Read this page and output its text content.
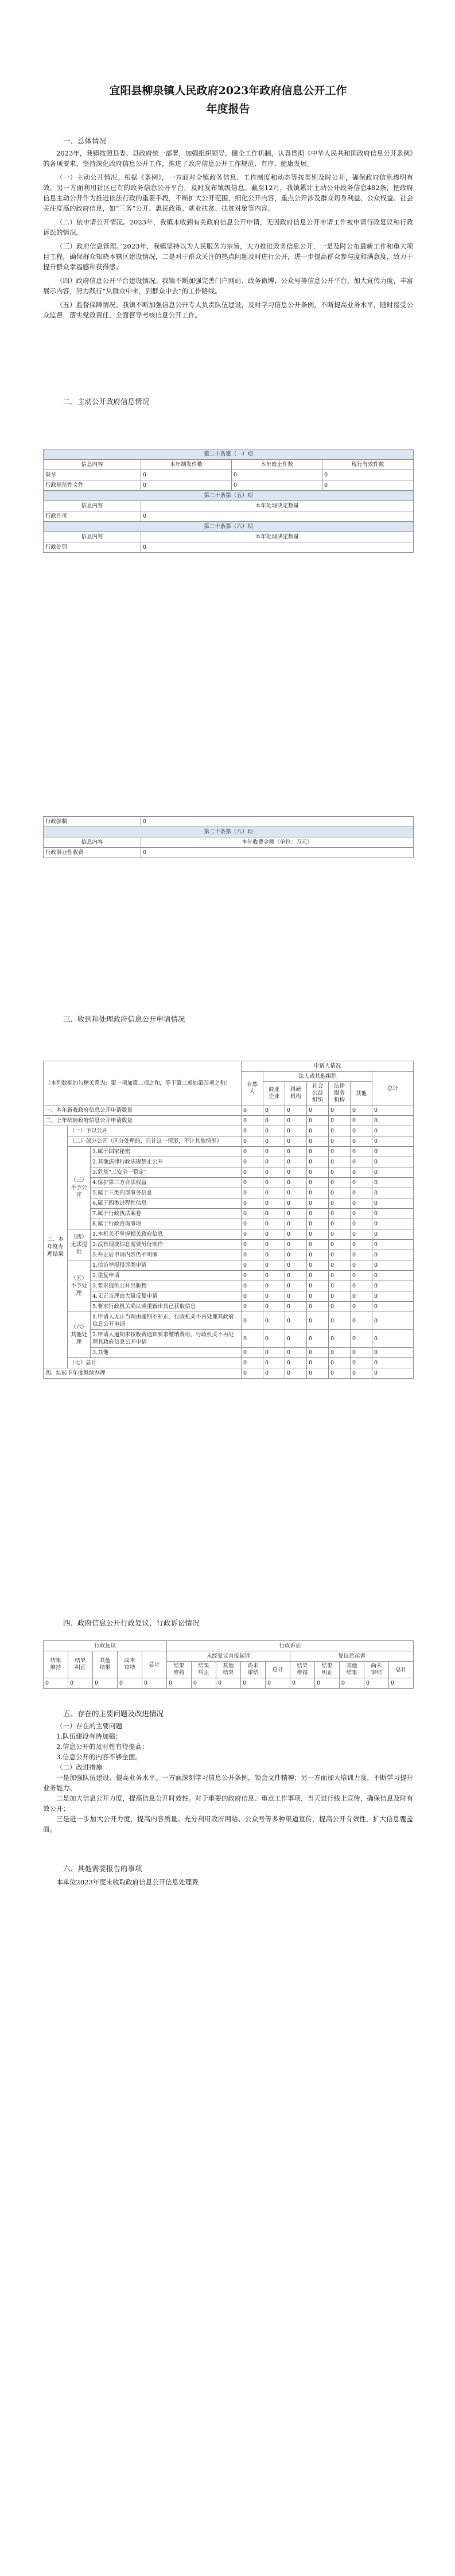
宜阳县柳泉镇人民政府2023年政府信息公开工作
年度报告
一、总体情况

2023年，我镇按照县委、县政府统一部署，加强组织领导，健全工作机制，认真贯彻《中华人民共和国政府信息公开条例》的各项要求，坚持深化政府信息公开工作，推进了政府信息公开工作规范、有序、健康发展。

（一）主动公开情况。根据《条例》，一方面对全镇政务信息、工作制度和动态等按类别及时公开，确保政府信息透明有效。另一方面利用社区已有的政务信息公开平台，及时发布镇级信息。截至12月，我镇累计主动公开政务信息482条，把政府信息主动公开作为推进依法行政的重要手段，不断扩大公开范围，细化公开内容，重点公开涉及群众切身利益、公众权益、社会关注度高的政府信息，如“三务”公开、惠民政策、就业扶贫、扶贫对象等内容。

（二）依申请公开情况。2023年，我镇未收到有关政府信息公开申请，无因政府信息公开申请工作被申请行政复议和行政诉讼的情况。

（三）政府信息管理。2023年，我镇坚持以为人民服务为宗旨，大力推进政务信息公开，一是及时公布最新工作和重大项目工程，确保群众知晓本辖区建设情况，二是对于群众关注的热点问题及时进行公开，进一步提高群众参与度和满意度，致力于提升群众幸福感和获得感。

（四）政府信息公开平台建设情况。我镇不断加强完善门户网站、政务微博、公众号等信息公开平台，加大宣传力度，丰富展示内容，努力践行“从群众中来，到群众中去”的工作路线。

（五）监督保障情况。我镇不断加强信息公开专人负责队伍建设，及时学习信息公开条例，不断提高业务水平，随时接受公众监督，落实党政责任，全面督导考核信息公开工作。

二、主动公开政府信息情况
第二十条第（一）项			
信息内容	本年制发件数	本年废止件数	现行有效件数
规章	0	0	0
行政规范性文件	0	0	0
第二十条第（五）项			
信息内容	本年处理决定数量		
行政许可	0		
第二十条第（六）项			
信息内容	本年处理决定数量		
行政处罚	0		
行政强制	0
第二十条第（八）项	
信息内容	本年收费金额（单位：万元）
行政事业性收费	0
三、收到和处理政府信息公开申请情况
（本列数据的勾稽关系为：第一项加第二项之和，等于第三项加第四项之和）			申请人情况						
			自然人	法人或其他组织					总计
				商业企业	科研机构	社会公益组织	法律服务机构	其他	
一、本年新收政府信息公开申请数量			0	0	0	0	0	0	0
二、上年结转政府信息公开申请数量			0	0	0	0	0	0	0
三、本年度办理结果	（一）予以公开		0	0	0	0	0	0	0
	（二）部分公开（区分处理的，只计这一情形，不计其他情形）		0	0	0	0	0	0	0
	（三）不予公开	1.属于国家秘密	0	0	0	0	0	0	0
		2.其他法律行政法规禁止公开	0	0	0	0	0	0	0
		3.危及“三安全一稳定”	0	0	0	0	0	0	0
		4.保护第三方合法权益	0	0	0	0	0	0	0
		5.属于三类内部事务信息	0	0	0	0	0	0	0
		6.属于四类过程性信息	0	0	0	0	0	0	0
		7.属于行政执法案卷	0	0	0	0	0	0	0
		8.属于行政查询事项	0	0	0	0	0	0	0
	（四）无法提供	1.本机关不掌握相关政府信息	0	0	0	0	0	0	0
		2.没有现成信息需要另行制作	0	0	0	0	0	0	0
		3.补正后申请内容仍不明确	0	0	0	0	0	0	0
	（五）不予处理	1.信访举报投诉类申请	0	0	0	0	0	0	0
		2.重复申请	0	0	0	0	0	0	0
		3.要求提供公开出版物	0	0	0	0	0	0	0
		4.无正当理由大量反复申请	0	0	0	0	0	0	0
		5.要求行政机关确认或重新出具已获取信息	0	0	0	0	0	0	0
	（六）其他处理	1.申请人无正当理由逾期不补正、行政机关不再处理其政府信息公开申请	0	0	0	0	0	0	0
		2.申请人逾期未按收费通知要求缴纳费用、行政机关不再处理其政府信息公开申请	0	0	0	0	0	0	0
		3.其他	0	0	0	0	0	0	0
	（七）总计		0	0	0	0	0	0	0
四、结转下年度继续办理			0	0	0	0	0	0	0
四、政府信息公开行政复议、行政诉讼情况
行政复议					行政诉讼									
结果维持	结果纠正	其他结果	尚未审结	总计	未经复议直接起诉					复议后起诉				
					结果维持	结果纠正	其他结果	尚未审结	总计	结果维持	结果纠正	其他结果	尚未审结	总计
0	0	0	0	0	0	0	0	0	0	0	0	0	0	0
五、存在的主要问题及改进情况

（一）存在的主要问题

1.队伍建设有待加强；

2.信息公开的及时性有待提高；

3.信息公开的内容不够全面。

（二）改进措施

一是加强队伍建设，提高业务水平。一方面深刻学习信息公开条例，领会文件精神；另一方面加大培训力度，不断学习提升业务能力。

二是加大信息公开力度，提高信息公开时效性。对于重要的政府信息、重点工作事项，当天进行线上宣传，确保信息及时有效公开；

三是进一步加大公开力度，提高内容质量。充分利用政府网站、公众号等多种渠道宣传，提高公开有效性，扩大信息覆盖面。

六、其他需要报告的事项

本单位2023年度未收取政府信息公开信息处理费
